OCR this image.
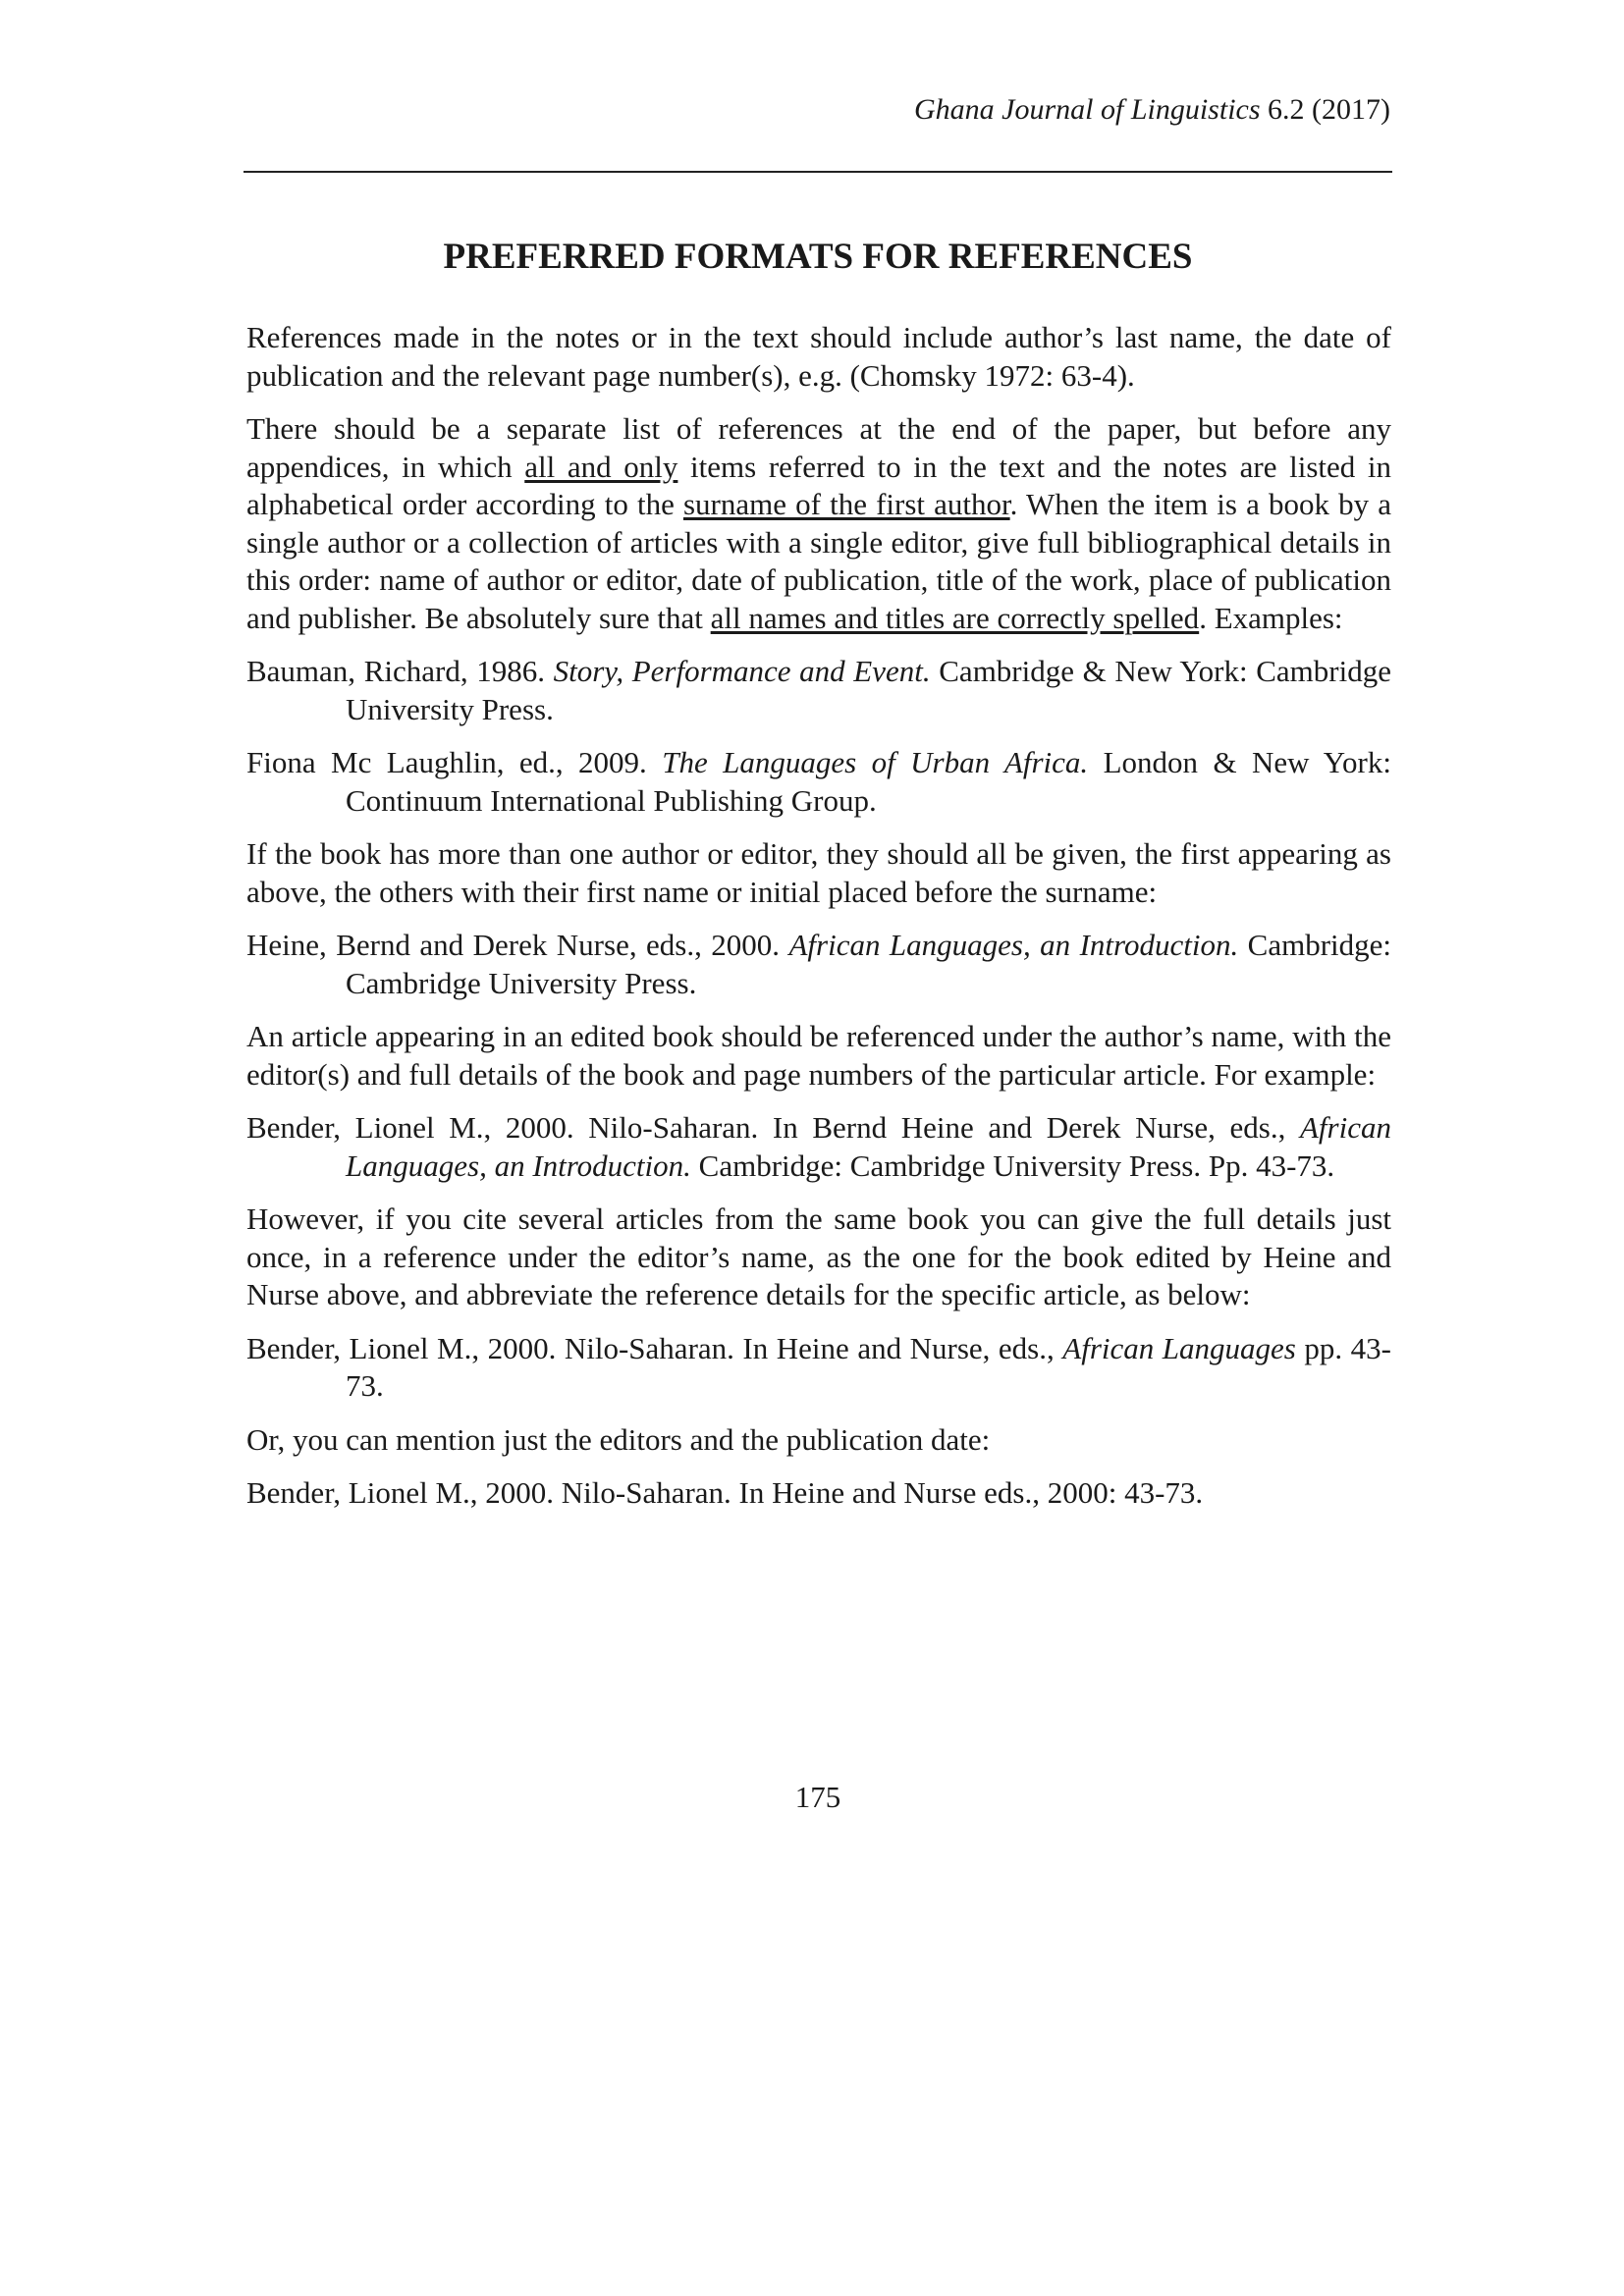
Ghana Journal of Linguistics 6.2 (2017)
PREFERRED FORMATS FOR REFERENCES

References made in the notes or in the text should include author’s last name, the date of publication and the relevant page number(s), e.g. (Chomsky 1972: 63-4).

There should be a separate list of references at the end of the paper, but before any appendices, in which all and only items referred to in the text and the notes are listed in alphabetical order according to the surname of the first author. When the item is a book by a single author or a collection of articles with a single editor, give full bibliographical details in this order: name of author or editor, date of publication, title of the work, place of publication and publisher. Be absolutely sure that all names and titles are correctly spelled. Examples:

Bauman, Richard, 1986. Story, Performance and Event. Cambridge & New York: Cambridge University Press.

Fiona Mc Laughlin, ed., 2009. The Languages of Urban Africa. London & New York: Continuum International Publishing Group.

If the book has more than one author or editor, they should all be given, the first appearing as above, the others with their first name or initial placed before the surname:

Heine, Bernd and Derek Nurse, eds., 2000. African Languages, an Introduction. Cambridge: Cambridge University Press.

An article appearing in an edited book should be referenced under the author’s name, with the editor(s) and full details of the book and page numbers of the particular article. For example:

Bender, Lionel M., 2000. Nilo-Saharan. In Bernd Heine and Derek Nurse, eds., African Languages, an Introduction. Cambridge: Cambridge University Press. Pp. 43-73.

However, if you cite several articles from the same book you can give the full details just once, in a reference under the editor’s name, as the one for the book edited by Heine and Nurse above, and abbreviate the reference details for the specific article, as below:

Bender, Lionel M., 2000. Nilo-Saharan. In Heine and Nurse, eds., African Languages pp. 43-73.

Or, you can mention just the editors and the publication date:

Bender, Lionel M., 2000. Nilo-Saharan. In Heine and Nurse eds., 2000: 43-73.

175
